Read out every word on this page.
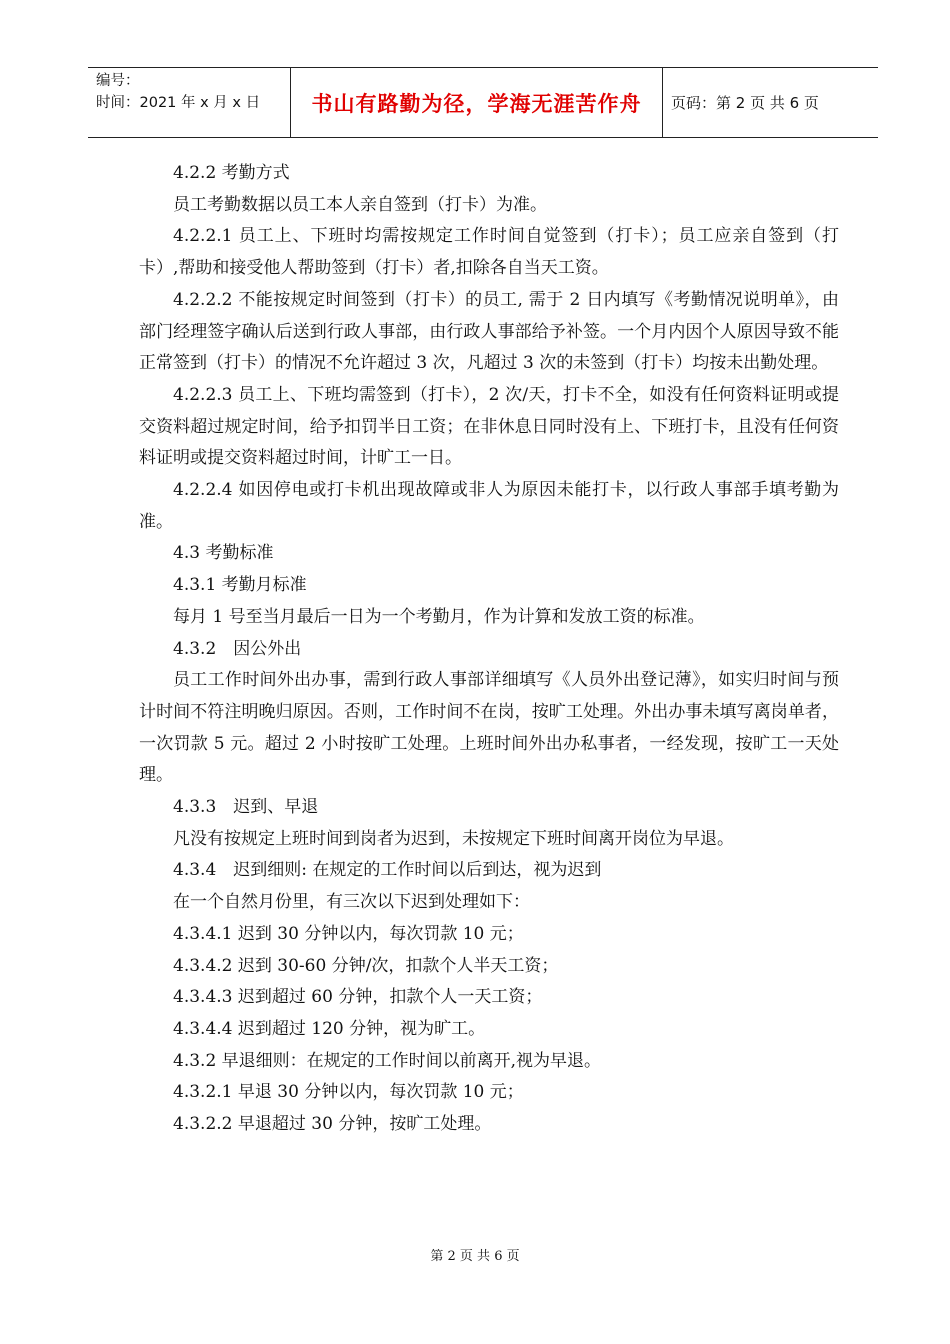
编号：
时间：2021 年 x 月 x 日	书山有路勤为径，学海无涯苦作舟	页码：第 2 页 共 6 页

4.2.2 考勤方式

员工考勤数据以员工本人亲自签到（打卡）为准。

4.2.2.1 员工上、下班时均需按规定工作时间自觉签到（打卡）；员工应亲自签到（打卡）,帮助和接受他人帮助签到（打卡）者,扣除各自当天工资。

4.2.2.2 不能按规定时间签到（打卡）的员工, 需于 2 日内填写《考勤情况说明单》，由部门经理签字确认后送到行政人事部，由行政人事部给予补签。一个月内因个人原因导致不能正常签到（打卡）的情况不允许超过 3 次，凡超过 3 次的未签到（打卡）均按未出勤处理。

4.2.2.3 员工上、下班均需签到（打卡），2 次/天，打卡不全，如没有任何资料证明或提交资料超过规定时间，给予扣罚半日工资；在非休息日同时没有上、下班打卡，且没有任何资料证明或提交资料超过时间，计旷工一日。

4.2.2.4 如因停电或打卡机出现故障或非人为原因未能打卡，以行政人事部手填考勤为准。

4.3 考勤标准

4.3.1 考勤月标准

每月 1 号至当月最后一日为一个考勤月，作为计算和发放工资的标准。

4.3.2　因公外出

员工工作时间外出办事，需到行政人事部详细填写《人员外出登记薄》，如实归时间与预计时间不符注明晚归原因。否则，工作时间不在岗，按旷工处理。外出办事未填写离岗单者，一次罚款 5 元。超过 2 小时按旷工处理。上班时间外出办私事者，一经发现，按旷工一天处理。

4.3.3　迟到、早退

凡没有按规定上班时间到岗者为迟到，未按规定下班时间离开岗位为早退。

4.3.4　迟到细则: 在规定的工作时间以后到达，视为迟到

在一个自然月份里，有三次以下迟到处理如下：

4.3.4.1 迟到 30 分钟以内，每次罚款 10 元；

4.3.4.2 迟到 30-60 分钟/次，扣款个人半天工资；

4.3.4.3 迟到超过 60 分钟，扣款个人一天工资；

4.3.4.4 迟到超过 120 分钟，视为旷工。

4.3.2 早退细则：在规定的工作时间以前离开,视为早退。

4.3.2.1 早退 30 分钟以内，每次罚款 10 元；

4.3.2.2 早退超过 30 分钟，按旷工处理。

第 2 页 共 6 页
